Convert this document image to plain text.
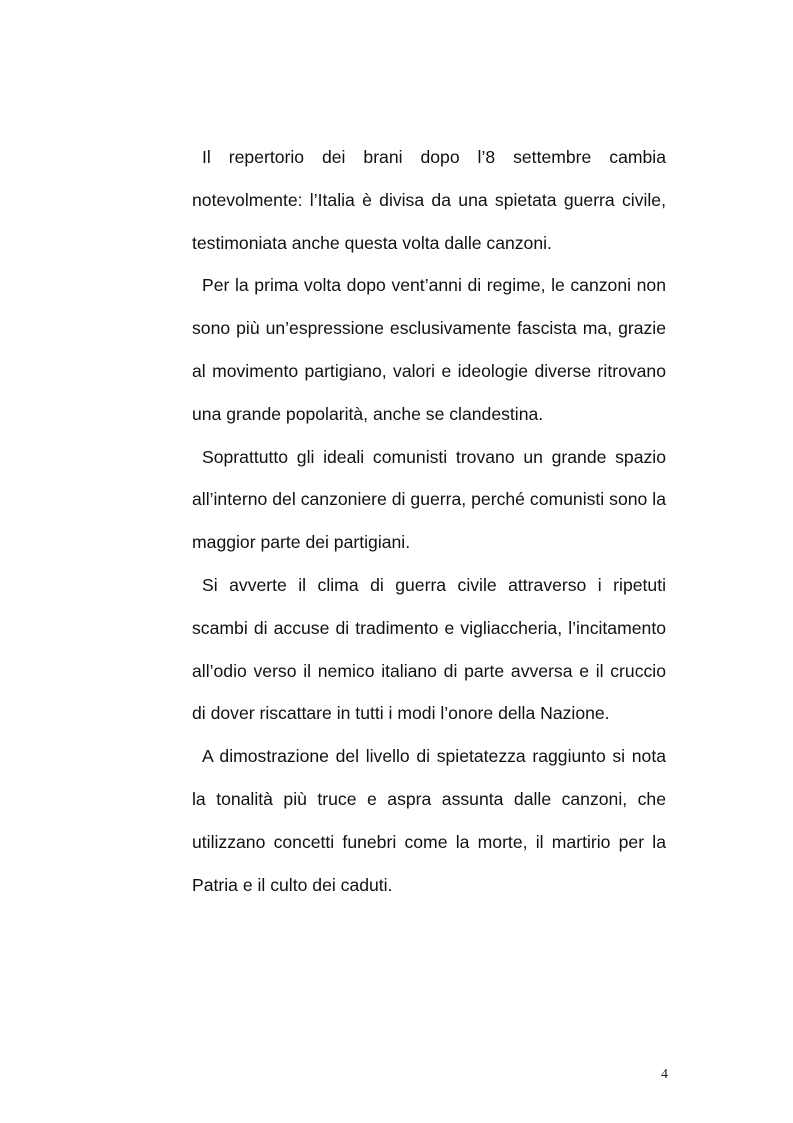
Il repertorio dei brani dopo l’8 settembre cambia notevolmente: l’Italia è divisa da una spietata guerra civile, testimoniata anche questa volta dalle canzoni.

Per la prima volta dopo vent’anni di regime, le canzoni non sono più un’espressione esclusivamente fascista ma, grazie al movimento partigiano, valori e ideologie diverse ritrovano una grande popolarità, anche se clandestina.

Soprattutto gli ideali comunisti trovano un grande spazio all’interno del canzoniere di guerra, perché comunisti sono la maggior parte dei partigiani.

Si avverte il clima di guerra civile attraverso i ripetuti scambi di accuse di tradimento e vigliaccheria, l’incitamento all’odio verso il nemico italiano di parte avversa e il cruccio di dover riscattare in tutti i modi l’onore della Nazione.

A dimostrazione del livello di spietatezza raggiunto si nota la tonalità più truce e aspra assunta dalle canzoni, che utilizzano concetti funebri come la morte, il martirio per la Patria e il culto dei caduti.

4
